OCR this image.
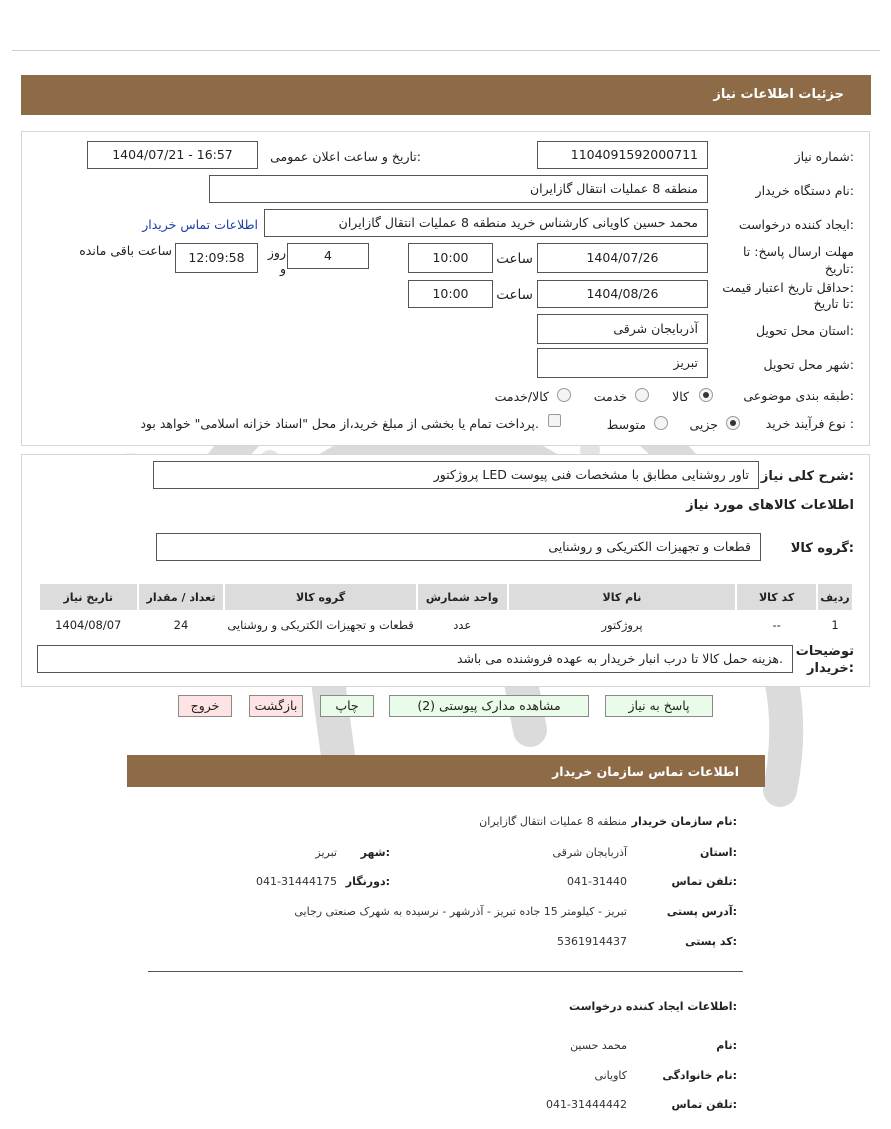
جزئیات اطلاعات نیاز
شماره نیاز:
1104091592000711
تاریخ و ساعت اعلان عمومی:
1404/07/21 - 16:57
نام دستگاه خریدار:
منطقه 8 عملیات انتقال گازایران
ایجاد کننده درخواست:
محمد حسین کاویانی کارشناس خرید منطقه 8 عملیات انتقال گازایران
اطلاعات تماس خریدار
مهلت ارسال پاسخ: تا
تاریخ:
1404/07/26
ساعت
10:00
4
روز
و
12:09:58
ساعت باقی مانده
حداقل تاریخ اعتبار قیمت:
تا تاریخ:
1404/08/26
ساعت
10:00
استان محل تحویل:
آذربایجان شرقی
شهر محل تحویل:
تبریز
طبقه بندی موضوعی:
کالا
خدمت
کالا/خدمت
نوع فرآیند خرید :
جزیی
متوسط
پرداخت تمام یا بخشی از مبلغ خرید،از محل "اسناد خزانه اسلامی" خواهد بود.
شرح کلی نیاز:
پروژکتور LED تاور روشنایی مطابق با مشخصات فنی پیوست
اطلاعات کالاهای مورد نیاز
گروه کالا:
قطعات و تجهیزات الکتریکی و روشنایی
ردیف	کد کالا	نام کالا	واحد شمارش	گروه کالا	تعداد / مقدار	تاریخ نیاز
1	--	پروژکتور	عدد	قطعات و تجهیزات الکتریکی و روشنایی	24	1404/08/07
توضیحات
خریدار:
هزینه حمل کالا تا درب انبار خریدار به عهده فروشنده می باشد.
پاسخ به نیاز
مشاهده مدارک پیوستی (2)
چاپ
بازگشت
خروج
اطلاعات تماس سازمان خریدار
نام سازمان خریدار:
منطقه 8 عملیات انتقال گازایران
استان:
آذربایجان شرقی
شهر:
تبریز
تلفن تماس:
041-31440
دورنگار:
041-31444175
آدرس پستی:
تبریز - کیلومتر 15 جاده تبریز - آذرشهر - نرسیده به شهرک صنعتی رجایی
کد پستی:
5361914437
اطلاعات ایجاد کننده درخواست:
نام:
محمد حسین
نام خانوادگی:
کاویانی
تلفن تماس:
041-31444442
